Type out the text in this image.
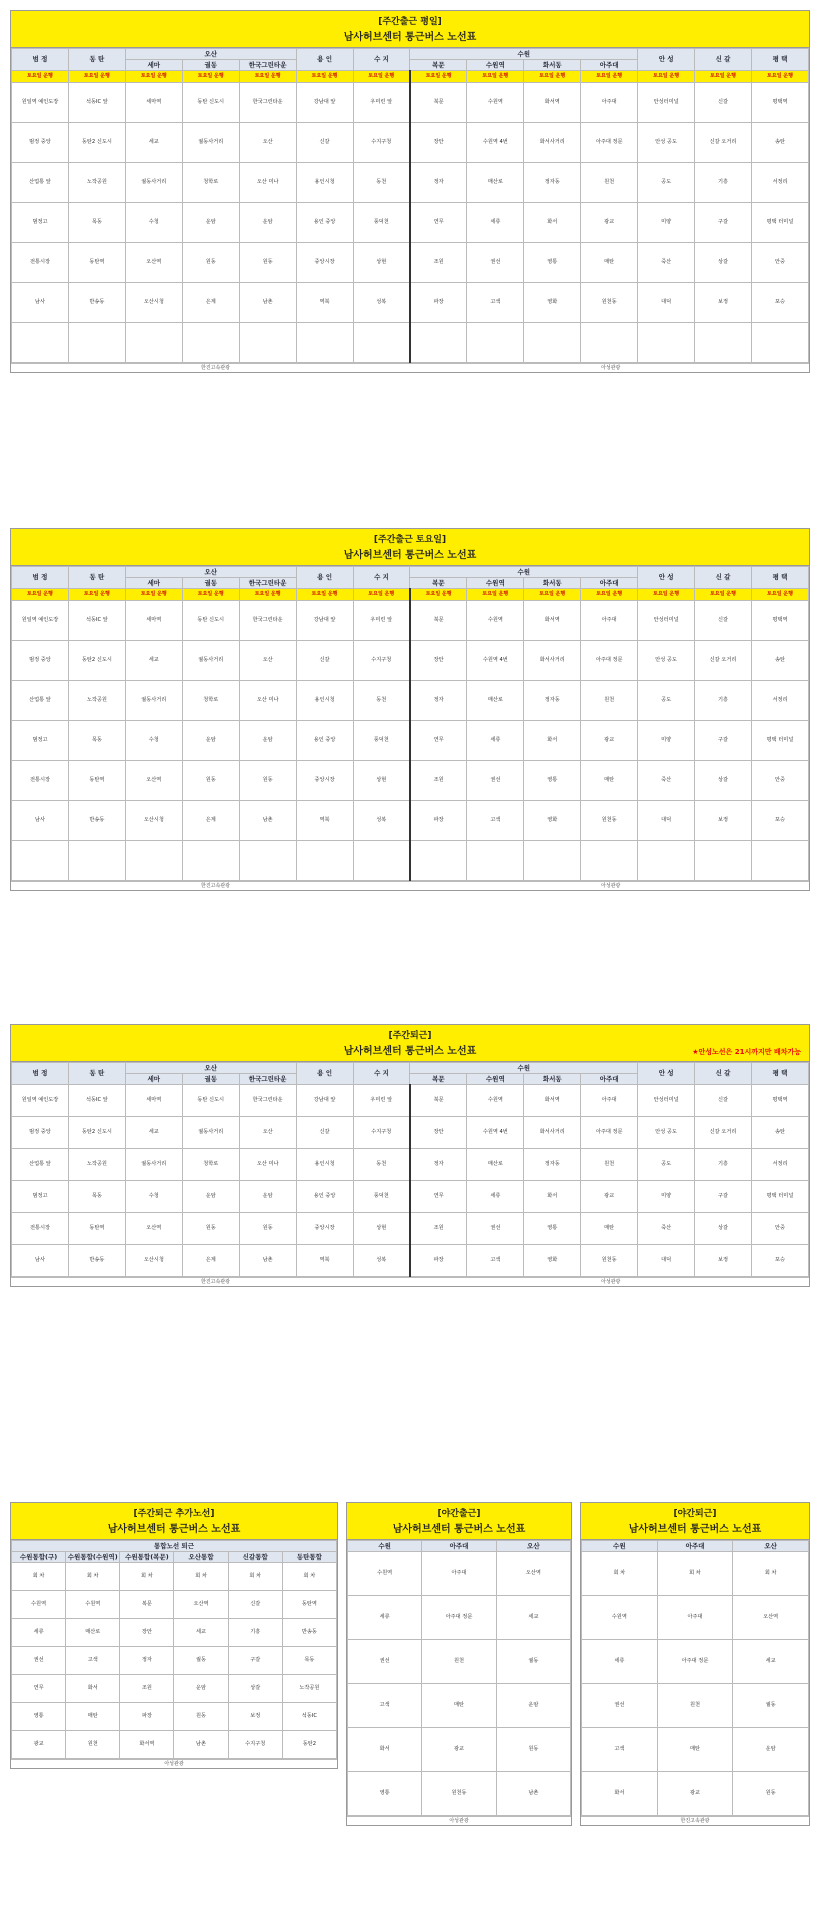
[주간출근 평일]
남사허브센터 통근버스 노선표
범 정	동 탄	오산			용 인	수 지	수원				안 성	신 갈	평 택
		세마	궐동	한국그린타운			복문	수원역	화서동	아주대			
토요일 운행	토요일 운행	토요일 운행	토요일 운행	토요일 운행	토요일 운행	토요일 운행	토요일 운행	토요일 운행	토요일 운행	토요일 운행	토요일 운행	토요일 운행	토요일 운행
원일역 예인도장	석동IC 앞	세마역	동탄 신도시	한국그린타운	강남대 앞	우미린 앞	북문	수원역	화서역	아주대	안성터미널	신갈	평택역
범정 중앙	동탄2 신도시	세교	궐동사거리	오산	신갈	수지구청	장안	수원역 4번	화서사거리	아주대 정문	안성 공도	신갈 오거리	송탄
산업통 앞	노작공원	궐동사거리	청학로	오산 미나	용인시청	동천	정자	매산로	정자동	원천	공도	기흥	서정리
범정고	목동	수청	운암	운암	용인 중앙	풍덕천	연무	세류	화서	광교	미양	구갈	평택 터미널
전통시장	동탄역	오산역	원동	원동	중앙시장	상현	조원	권선	영통	매탄	죽산	상갈	안중
남사	반송동	오산시청	은계	남촌	역북	성복	파장	고색	영화	원천동	대덕	보정	포승

한진고속관광	아성관광
[주간출근 토요일]
남사허브센터 통근버스 노선표
범 정	동 탄	오산			용 인	수 지	수원				안 성	신 갈	평 택
		세마	궐동	한국그린타운			복문	수원역	화서동	아주대			
토요일 운행	토요일 운행	토요일 운행	토요일 운행	토요일 운행	토요일 운행	토요일 운행	토요일 운행	토요일 운행	토요일 운행	토요일 운행	토요일 운행	토요일 운행	토요일 운행
원일역 예인도장	석동IC 앞	세마역	동탄 신도시	한국그린타운	강남대 앞	우미린 앞	북문	수원역	화서역	아주대	안성터미널	신갈	평택역
범정 중앙	동탄2 신도시	세교	궐동사거리	오산	신갈	수지구청	장안	수원역 4번	화서사거리	아주대 정문	안성 공도	신갈 오거리	송탄
산업통 앞	노작공원	궐동사거리	청학로	오산 미나	용인시청	동천	정자	매산로	정자동	원천	공도	기흥	서정리
범정고	목동	수청	운암	운암	용인 중앙	풍덕천	연무	세류	화서	광교	미양	구갈	평택 터미널
전통시장	동탄역	오산역	원동	원동	중앙시장	상현	조원	권선	영통	매탄	죽산	상갈	안중
남사	반송동	오산시청	은계	남촌	역북	성복	파장	고색	영화	원천동	대덕	보정	포승

한진고속관광	아성관광
[주간퇴근]
남사허브센터 통근버스 노선표	★안성노선은 21시까지만 배차가능
범 정	동 탄	오산			용 인	수 지	수원				안 성	신 갈	평 택
		세마	궐동	한국그린타운			복문	수원역	화서동	아주대			
원일역 예인도장	석동IC 앞	세마역	동탄 신도시	한국그린타운	강남대 앞	우미린 앞	북문	수원역	화서역	아주대	안성터미널	신갈	평택역
범정 중앙	동탄2 신도시	세교	궐동사거리	오산	신갈	수지구청	장안	수원역 4번	화서사거리	아주대 정문	안성 공도	신갈 오거리	송탄
산업통 앞	노작공원	궐동사거리	청학로	오산 미나	용인시청	동천	정자	매산로	정자동	원천	공도	기흥	서정리
범정고	목동	수청	운암	운암	용인 중앙	풍덕천	연무	세류	화서	광교	미양	구갈	평택 터미널
전통시장	동탄역	오산역	원동	원동	중앙시장	상현	조원	권선	영통	매탄	죽산	상갈	안중
남사	반송동	오산시청	은계	남촌	역북	성복	파장	고색	영화	원천동	대덕	보정	포승
한진고속관광	아성관광
[주간퇴근 추가노선]
남사허브센터 통근버스 노선표
통합노선 퇴근					
수원통합(구)	수원통합(수원역)	수원통합(복문)	오산통합	신갈통합	동탄통합
회 차	회 차	회 차	회 차	회 차	회 차
수원역	수원역	복문	오산역	신갈	동탄역
세류	매산로	장안	세교	기흥	반송동
권선	고색	정자	궐동	구갈	목동
연무	화서	조원	운암	상갈	노작공원
영통	매탄	파장	원동	보정	석동IC
광교	원천	화서역	남촌	수지구청	동탄2
아성관광
[야간출근]
남사허브센터 통근버스 노선표
수원	아주대	오산
수원역	아주대	오산역
세류	아주대 정문	세교
권선	원천	궐동
고색	매탄	운암
화서	광교	원동
영통	원천동	남촌
아성관광
[야간퇴근]
남사허브센터 통근버스 노선표
수원	아주대	오산
회 차	회 차	회 차
수원역	아주대	오산역
세류	아주대 정문	세교
권선	원천	궐동
고색	매탄	운암
화서	광교	원동
한진고속관광
